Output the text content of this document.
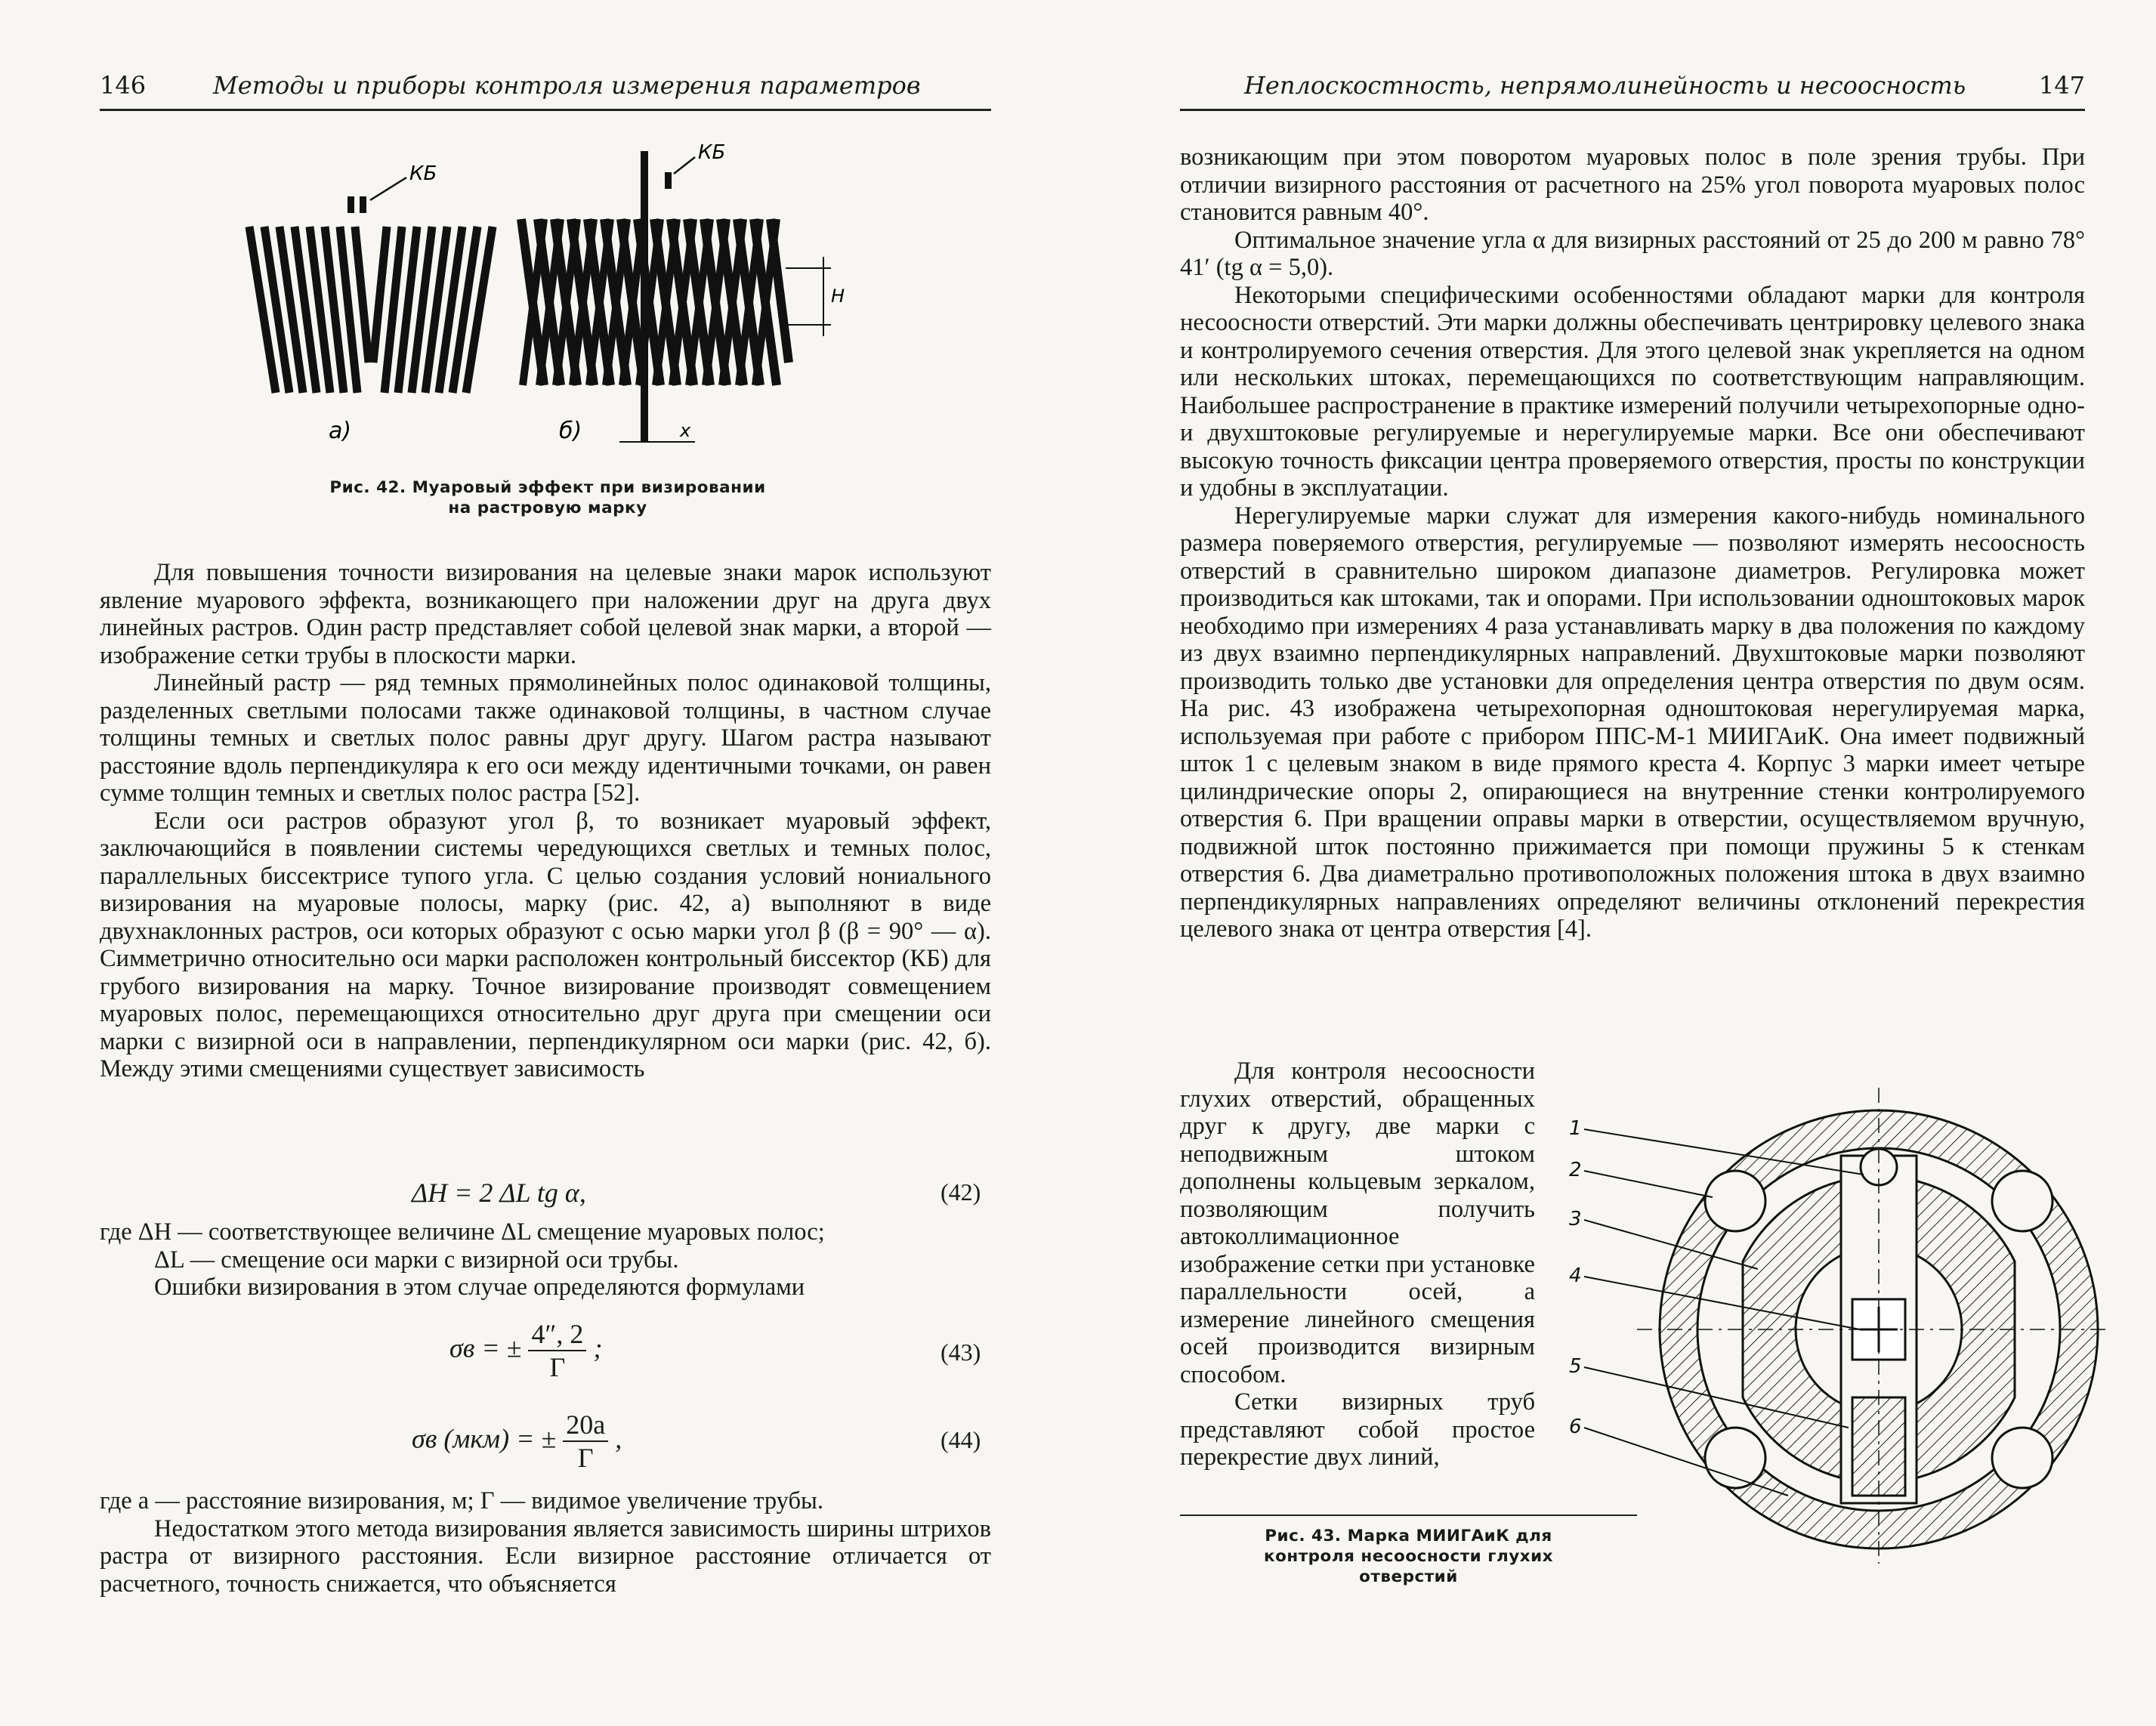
146	Методы и приборы контроля измерения параметров
КБ
КБ
H
x
а)	б)
Рис. 42. Муаровый эффект при визировании
на растровую марку

Для повышения точности визирования на целевые знаки марок используют явление муарового эффекта, возникающего при наложении друг на друга двух линейных растров. Один растр представляет собой целевой знак марки, а второй — изображение сетки трубы в плоскости марки.

Линейный растр — ряд темных прямолинейных полос одинаковой толщины, разделенных светлыми полосами также одинаковой толщины, в частном случае толщины темных и светлых полос равны друг другу. Шагом растра называют расстояние вдоль перпендикуляра к его оси между идентичными точками, он равен сумме толщин темных и светлых полос растра [52].

Если оси растров образуют угол β, то возникает муаровый эффект, заключающийся в появлении системы чередующихся светлых и темных полос, параллельных биссектрисе тупого угла. С целью создания условий нониального визирования на муаровые полосы, марку (рис. 42, а) выполняют в виде двухнаклонных растров, оси которых образуют с осью марки угол β (β = 90° — α). Симметрично относительно оси марки расположен контрольный биссектор (КБ) для грубого визирования на марку. Точное визирование производят совмещением муаровых полос, перемещающихся относительно друг друга при смещении оси марки с визирной оси в направлении, перпендикулярном оси марки (рис. 42, б). Между этими смещениями существует зависимость

ΔH = 2 ΔL tg α,	(42)
где ΔH — соответствующее величине ΔL смещение муаровых полос;
ΔL — смещение оси марки с визирной оси трубы.
Ошибки визирования в этом случае определяются формулами
σв = ± $\frac{4'', 2}{Г}$ ;	(43)
σв (мкм) = ± $\frac{20a}{Г}$ ,	(44)

где a — расстояние визирования, м; Г — видимое увеличение трубы.

Недостатком этого метода визирования является зависимость ширины штрихов растра от визирного расстояния. Если визирное расстояние отличается от расчетного, точность снижается, что объясняется

Неплоскостность, непрямолинейность и несоосность	147

возникающим при этом поворотом муаровых полос в поле зрения трубы. При отличии визирного расстояния от расчетного на 25% угол поворота муаровых полос становится равным 40°.

Оптимальное значение угла α для визирных расстояний от 25 до 200 м равно 78° 41′ (tg α = 5,0).

Некоторыми специфическими особенностями обладают марки для контроля несоосности отверстий. Эти марки должны обеспечивать центрировку целевого знака и контролируемого сечения отверстия. Для этого целевой знак укрепляется на одном или нескольких штоках, перемещающихся по соответствующим направляющим. Наибольшее распространение в практике измерений получили четырехопорные одно- и двухштоковые регулируемые и нерегулируемые марки. Все они обеспечивают высокую точность фиксации центра проверяемого отверстия, просты по конструкции и удобны в эксплуатации.

Нерегулируемые марки служат для измерения какого-нибудь номинального размера поверяемого отверстия, регулируемые — позволяют измерять несоосность отверстий в сравнительно широком диапазоне диаметров. Регулировка может производиться как штоками, так и опорами. При использовании одноштоковых марок необходимо при измерениях 4 раза устанавливать марку в два положения по каждому из двух взаимно перпендикулярных направлений. Двухштоковые марки позволяют производить только две установки для определения центра отверстия по двум осям. На рис. 43 изображена четырехопорная одноштоковая нерегулируемая марка, используемая при работе с прибором ППС-М-1 МИИГАиК. Она имеет подвижный шток 1 с целевым знаком в виде прямого креста 4. Корпус 3 марки имеет четыре цилиндрические опоры 2, опирающиеся на внутренние стенки контролируемого отверстия 6. При вращении оправы марки в отверстии, осуществляемом вручную, подвижной шток постоянно прижимается при помощи пружины 5 к стенкам отверстия 6. Два диаметрально противоположных положения штока в двух взаимно перпендикулярных направлениях определяют величины отклонений перекрестия целевого знака от центра отверстия [4].

Для контроля несоосности глухих отверстий, обращенных друг к другу, две марки с неподвижным штоком дополнены кольцевым зеркалом, позволяющим получить автоколлимационное изображение сетки при установке параллельности осей, а измерение линейного смещения осей производится визирным способом.

Сетки визирных труб представляют собой простое перекрестие двух линий,

Рис. 43. Марка МИИГАиК для
контроля несоосности глухих
отверстий
1
2
3
4
5
6
